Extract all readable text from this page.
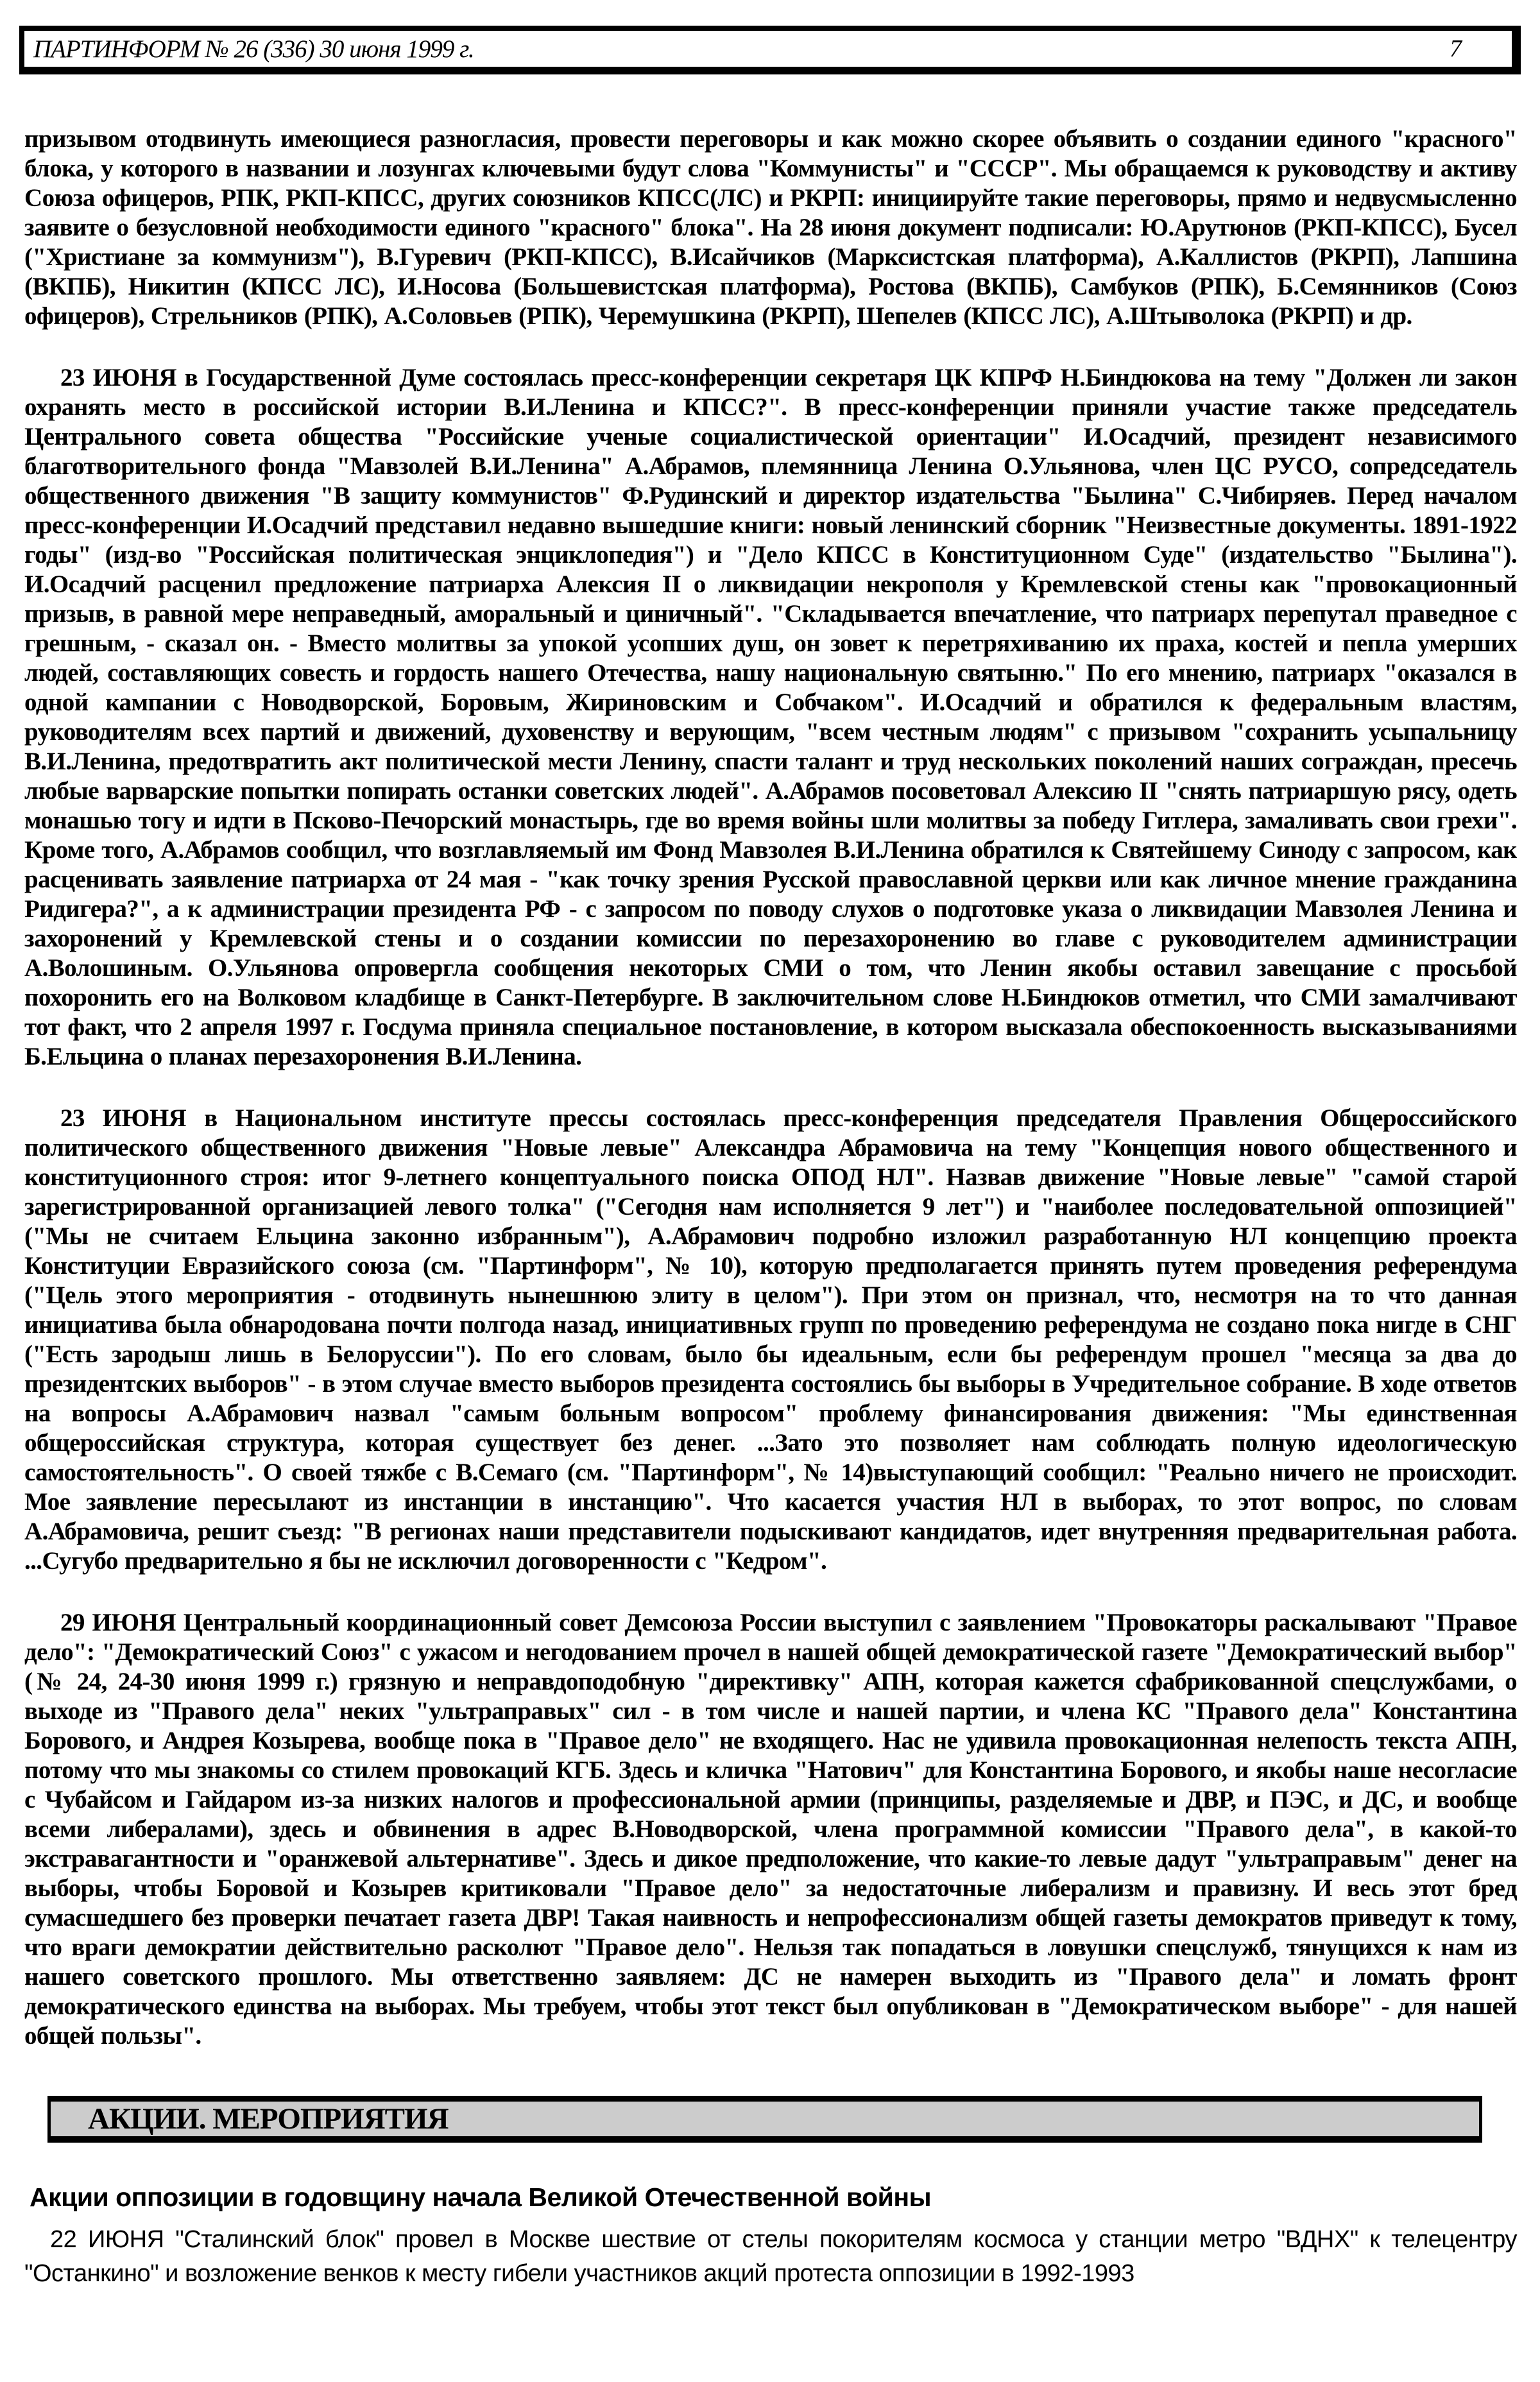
ПАРТИНФОРМ № 26 (336) 30 июня 1999 г.	7

призывом отодвинуть имеющиеся разногласия, провести переговоры и как можно скорее объявить о создании единого "красного" блока, у которого в названии и лозунгах ключевыми будут слова "Коммунисты" и "СССР". Мы обращаемся к руководству и активу Союза офицеров, РПК, РКП-КПСС, других союзников КПСС(ЛС) и РКРП: инициируйте такие переговоры, прямо и недвусмысленно заявите о безусловной необходимости единого "красного" блока". На 28 июня документ подписали: Ю.Арутюнов (РКП-КПСС), Бусел ("Христиане за коммунизм"), В.Гуревич (РКП-КПСС), В.Исайчиков (Марксистская платформа), А.Каллистов (РКРП), Лапшина (ВКПБ), Никитин (КПСС ЛС), И.Носова (Большевистская платформа), Ростова (ВКПБ), Самбуков (РПК), Б.Семянников (Союз офицеров), Стрельников (РПК), А.Соловьев (РПК), Черемушкина (РКРП), Шепелев (КПСС ЛС), А.Штыволока (РКРП) и др.

23 ИЮНЯ в Государственной Думе состоялась пресс-конференции секретаря ЦК КПРФ Н.Биндюкова на тему "Должен ли закон охранять место в российской истории В.И.Ленина и КПСС?". В пресс-конференции приняли участие также председатель Центрального совета общества "Российские ученые социалистической ориентации" И.Осадчий, президент независимого благотворительного фонда "Мавзолей В.И.Ленина" А.Абрамов, племянница Ленина О.Ульянова, член ЦС РУСО, сопредседатель общественного движения "В защиту коммунистов" Ф.Рудинский и директор издательства "Былина" С.Чибиряев. Перед началом пресс-конференции И.Осадчий представил недавно вышедшие книги: новый ленинский сборник "Неизвестные документы. 1891-1922 годы" (изд-во "Российская политическая энциклопедия") и "Дело КПСС в Конституционном Суде" (издательство "Былина"). И.Осадчий расценил предложение патриарха Алексия II о ликвидации некрополя у Кремлевской стены как "провокационный призыв, в равной мере неправедный, аморальный и циничный". "Складывается впечатление, что патриарх перепутал праведное с грешным, - сказал он. - Вместо молитвы за упокой усопших душ, он зовет к перетряхиванию их праха, костей и пепла умерших людей, составляющих совесть и гордость нашего Отечества, нашу национальную святыню." По его мнению, патриарх "оказался в одной кампании с Новодворской, Боровым, Жириновским и Собчаком". И.Осадчий и обратился к федеральным властям, руководителям всех партий и движений, духовенству и верующим, "всем честным людям" с призывом "сохранить усыпальницу В.И.Ленина, предотвратить акт политической мести Ленину, спасти талант и труд нескольких поколений наших сограждан, пресечь любые варварские попытки попирать останки советских людей". А.Абрамов посоветовал Алексию II "снять патриаршую рясу, одеть монашью тогу и идти в Псково-Печорский монастырь, где во время войны шли молитвы за победу Гитлера, замаливать свои грехи". Кроме того, А.Абрамов сообщил, что возглавляемый им Фонд Мавзолея В.И.Ленина обратился к Святейшему Синоду с запросом, как расценивать заявление патриарха от 24 мая - "как точку зрения Русской православной церкви или как личное мнение гражданина Ридигера?", а к администрации президента РФ - с запросом по поводу слухов о подготовке указа о ликвидации Мавзолея Ленина и захоронений у Кремлевской стены и о создании комиссии по перезахоронению во главе с руководителем администрации А.Волошиным. О.Ульянова опровергла сообщения некоторых СМИ о том, что Ленин якобы оставил завещание с просьбой похоронить его на Волковом кладбище в Санкт-Петербурге. В заключительном слове Н.Биндюков отметил, что СМИ замалчивают тот факт, что 2 апреля 1997 г. Госдума приняла специальное постановление, в котором высказала обеспокоенность высказываниями Б.Ельцина о планах перезахоронения В.И.Ленина.

23 ИЮНЯ в Национальном институте прессы состоялась пресс-конференция председателя Правления Общероссийского политического общественного движения "Новые левые" Александра Абрамовича на тему "Концепция нового общественного и конституционного строя: итог 9-летнего концептуального поиска ОПОД НЛ". Назвав движение "Новые левые" "самой старой зарегистрированной организацией левого толка" ("Сегодня нам исполняется 9 лет") и "наиболее последовательной оппозицией" ("Мы не считаем Ельцина законно избранным"), А.Абрамович подробно изложил разработанную НЛ концепцию проекта Конституции Евразийского союза (см. "Партинформ", № 10), которую предполагается принять путем проведения референдума ("Цель этого мероприятия - отодвинуть нынешнюю элиту в целом"). При этом он признал, что, несмотря на то что данная инициатива была обнародована почти полгода назад, инициативных групп по проведению референдума не создано пока нигде в СНГ ("Есть зародыш лишь в Белоруссии"). По его словам, было бы идеальным, если бы референдум прошел "месяца за два до президентских выборов" - в этом случае вместо выборов президента состоялись бы выборы в Учредительное собрание. В ходе ответов на вопросы А.Абрамович назвал "самым больным вопросом" проблему финансирования движения: "Мы единственная общероссийская структура, которая существует без денег. ...Зато это позволяет нам соблюдать полную идеологическую самостоятельность". О своей тяжбе с В.Семаго (см. "Партинформ", № 14)выступающий сообщил: "Реально ничего не происходит. Мое заявление пересылают из инстанции в инстанцию". Что касается участия НЛ в выборах, то этот вопрос, по словам А.Абрамовича, решит съезд: "В регионах наши представители подыскивают кандидатов, идет внутренняя предварительная работа. ...Сугубо предварительно я бы не исключил договоренности с "Кедром".

29 ИЮНЯ Центральный координационный совет Демсоюза России выступил с заявлением "Провокаторы раскалывают "Правое дело": "Демократический Союз" с ужасом и негодованием прочел в нашей общей демократической газете "Демократический выбор" (№ 24, 24-30 июня 1999 г.) грязную и неправдоподобную "директивку" АПН, которая кажется сфабрикованной спецслужбами, о выходе из "Правого дела" неких "ультраправых" сил - в том числе и нашей партии, и члена КС "Правого дела" Константина Борового, и Андрея Козырева, вообще пока в "Правое дело" не входящего. Нас не удивила провокационная нелепость текста АПН, потому что мы знакомы со стилем провокаций КГБ. Здесь и кличка "Натович" для Константина Борового, и якобы наше несогласие с Чубайсом и Гайдаром из-за низких налогов и профессиональной армии (принципы, разделяемые и ДВР, и ПЭС, и ДС, и вообще всеми либералами), здесь и обвинения в адрес В.Новодворской, члена программной комиссии "Правого дела", в какой-то экстравагантности и "оранжевой альтернативе". Здесь и дикое предположение, что какие-то левые дадут "ультраправым" денег на выборы, чтобы Боровой и Козырев критиковали "Правое дело" за недостаточные либерализм и правизну. И весь этот бред сумасшедшего без проверки печатает газета ДВР! Такая наивность и непрофессионализм общей газеты демократов приведут к тому, что враги демократии действительно расколют "Правое дело". Нельзя так попадаться в ловушки спецслужб, тянущихся к нам из нашего советского прошлого. Мы ответственно заявляем: ДС не намерен выходить из "Правого дела" и ломать фронт демократического единства на выборах. Мы требуем, чтобы этот текст был опубликован в "Демократическом выборе" - для нашей общей пользы".

АКЦИИ. МЕРОПРИЯТИЯ
Акции оппозиции в годовщину начала Великой Отечественной войны

22 ИЮНЯ "Сталинский блок" провел в Москве шествие от стелы покорителям космоса у станции метро "ВДНХ" к телецентру "Останкино" и возложение венков к месту гибели участников акций протеста оппозиции в 1992-1993
